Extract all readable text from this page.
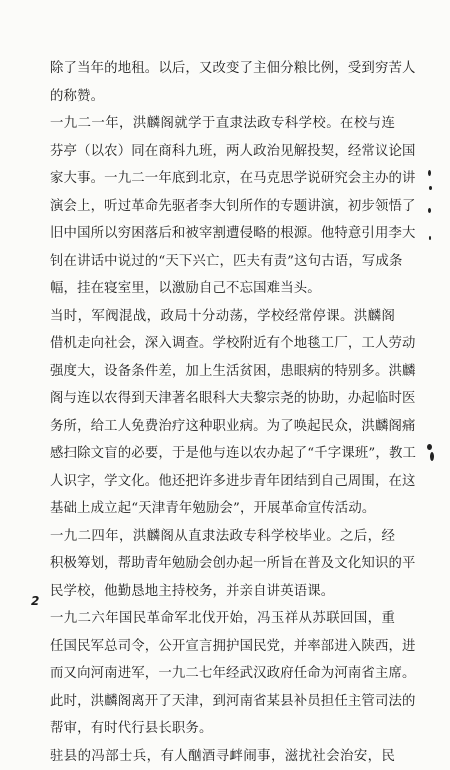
除了当年的地租。以后，又改变了主佃分粮比例，受到穷苦人
的称赞。
一九二一年，洪麟阁就学于直隶法政专科学校。在校与连
芬亭（以农）同在商科九班，两人政治见解投契，经常议论国
家大事。一九二一年底到北京，在马克思学说研究会主办的讲
演会上，听过革命先驱者李大钊所作的专题讲演，初步领悟了
旧中国所以穷困落后和被宰割遭侵略的根源。他特意引用李大
钊在讲话中说过的“天下兴亡，匹夫有责”这句古语，写成条
幅，挂在寝室里，以激励自己不忘国难当头。
当时，军阀混战，政局十分动荡，学校经常停课。洪麟阁
借机走向社会，深入调查。学校附近有个地毯工厂，工人劳动
强度大，设备条件差，加上生活贫困，患眼病的特别多。洪麟
阁与连以农得到天津著名眼科大夫黎宗尧的协助，办起临时医
务所，给工人免费治疗这种职业病。为了唤起民众，洪麟阁痛
感扫除文盲的必要，于是他与连以农办起了“千字课班”，教工
人识字，学文化。他还把许多进步青年团结到自己周围，在这
基础上成立起“天津青年勉励会”，开展革命宣传活动。
一九二四年，洪麟阁从直隶法政专科学校毕业。之后，经
积极筹划，帮助青年勉励会创办起一所旨在普及文化知识的平
民学校，他勤恳地主持校务，并亲自讲英语课。
一九二六年国民革命军北伐开始，冯玉祥从苏联回国，重
任国民军总司令，公开宣言拥护国民党，并率部进入陕西，进
而又向河南进军，一九二七年经武汉政府任命为河南省主席。
此时，洪麟阁离开了天津，到河南省某县补员担任主管司法的
帮审，有时代行县长职务。
驻县的冯部士兵，有人酗酒寻衅闹事，滋扰社会治安，民
2
